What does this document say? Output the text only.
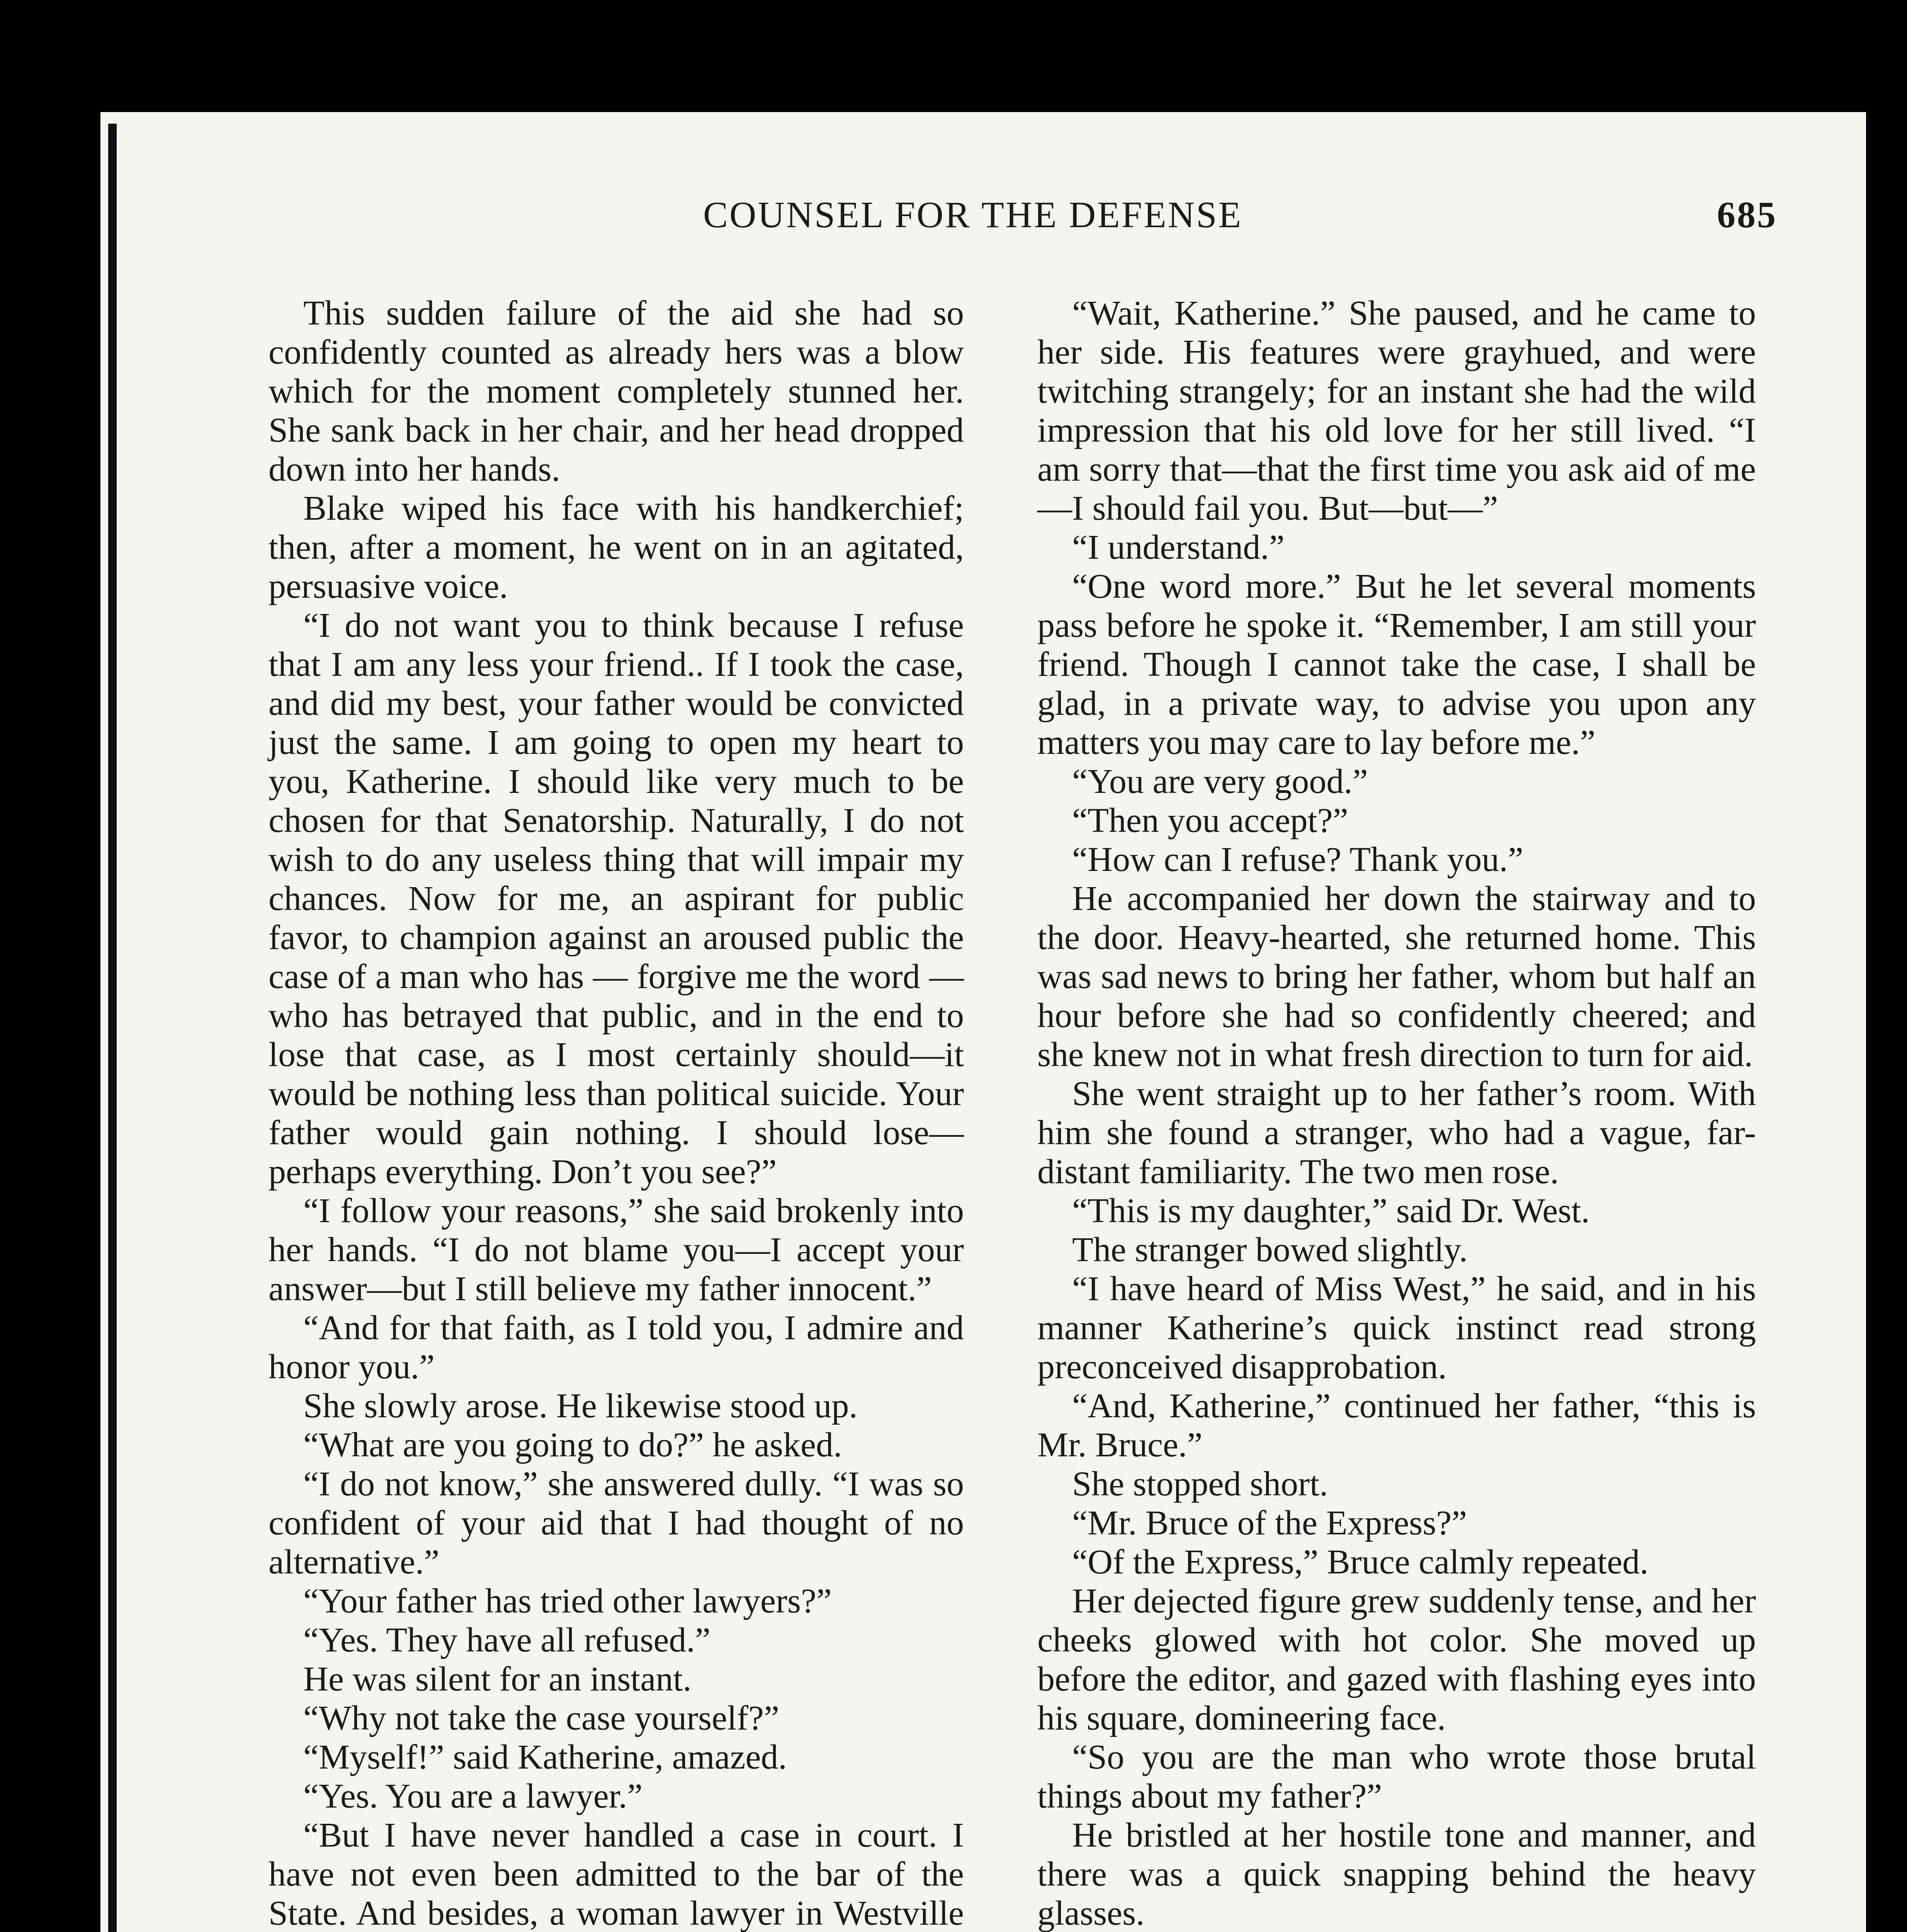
COUNSEL FOR THE DEFENSE	685

This sudden failure of the aid she had so confidently counted as already hers was a blow which for the moment completely stunned her. She sank back in her chair, and her head dropped down into her hands.

Blake wiped his face with his handkerchief; then, after a moment, he went on in an agitated, persuasive voice.

“I do not want you to think because I refuse that I am any less your friend.. If I took the case, and did my best, your father would be convicted just the same. I am going to open my heart to you, Katherine. I should like very much to be chosen for that Senatorship. Naturally, I do not wish to do any useless thing that will impair my chances. Now for me, an aspirant for public favor, to champion against an aroused public the case of a man who has — forgive me the word — who has betrayed that public, and in the end to lose that case, as I most certainly should—it would be nothing less than political suicide. Your father would gain nothing. I should lose—perhaps everything. Don’t you see?”

“I follow your reasons,” she said brokenly into her hands. “I do not blame you—I accept your answer—but I still believe my father innocent.”

“And for that faith, as I told you, I admire and honor you.”

She slowly arose. He likewise stood up.

“What are you going to do?” he asked.

“I do not know,” she answered dully. “I was so confident of your aid that I had thought of no alternative.”

“Your father has tried other lawyers?”

“Yes. They have all refused.”

He was silent for an instant.

“Why not take the case yourself?”

“Myself!” said Katherine, amazed.

“Yes. You are a lawyer.”

“But I have never handled a case in court. I have not even been admitted to the bar of the State. And besides, a woman lawyer in Westville

“Wait, Katherine.” She paused, and he came to her side. His features were grayhued, and were twitching strangely; for an instant she had the wild impression that his old love for her still lived. “I am sorry that—that the first time you ask aid of me—I should fail you. But—but—”

“I understand.”

“One word more.” But he let several moments pass before he spoke it. “Remember, I am still your friend. Though I cannot take the case, I shall be glad, in a private way, to advise you upon any matters you may care to lay before me.”

“You are very good.”

“Then you accept?”

“How can I refuse? Thank you.”

He accompanied her down the stairway and to the door. Heavy-hearted, she returned home. This was sad news to bring her father, whom but half an hour before she had so confidently cheered; and she knew not in what fresh direction to turn for aid.

She went straight up to her father’s room. With him she found a stranger, who had a vague, far-distant familiarity. The two men rose.

“This is my daughter,” said Dr. West.

The stranger bowed slightly.

“I have heard of Miss West,” he said, and in his manner Katherine’s quick instinct read strong preconceived disapprobation.

“And, Katherine,” continued her father, “this is Mr. Bruce.”

She stopped short.

“Mr. Bruce of the Express?”

“Of the Express,” Bruce calmly repeated.

Her dejected figure grew suddenly tense, and her cheeks glowed with hot color. She moved up before the editor, and gazed with flashing eyes into his square, domineering face.

“So you are the man who wrote those brutal things about my father?”

He bristled at her hostile tone and manner, and there was a quick snapping behind the heavy glasses.
